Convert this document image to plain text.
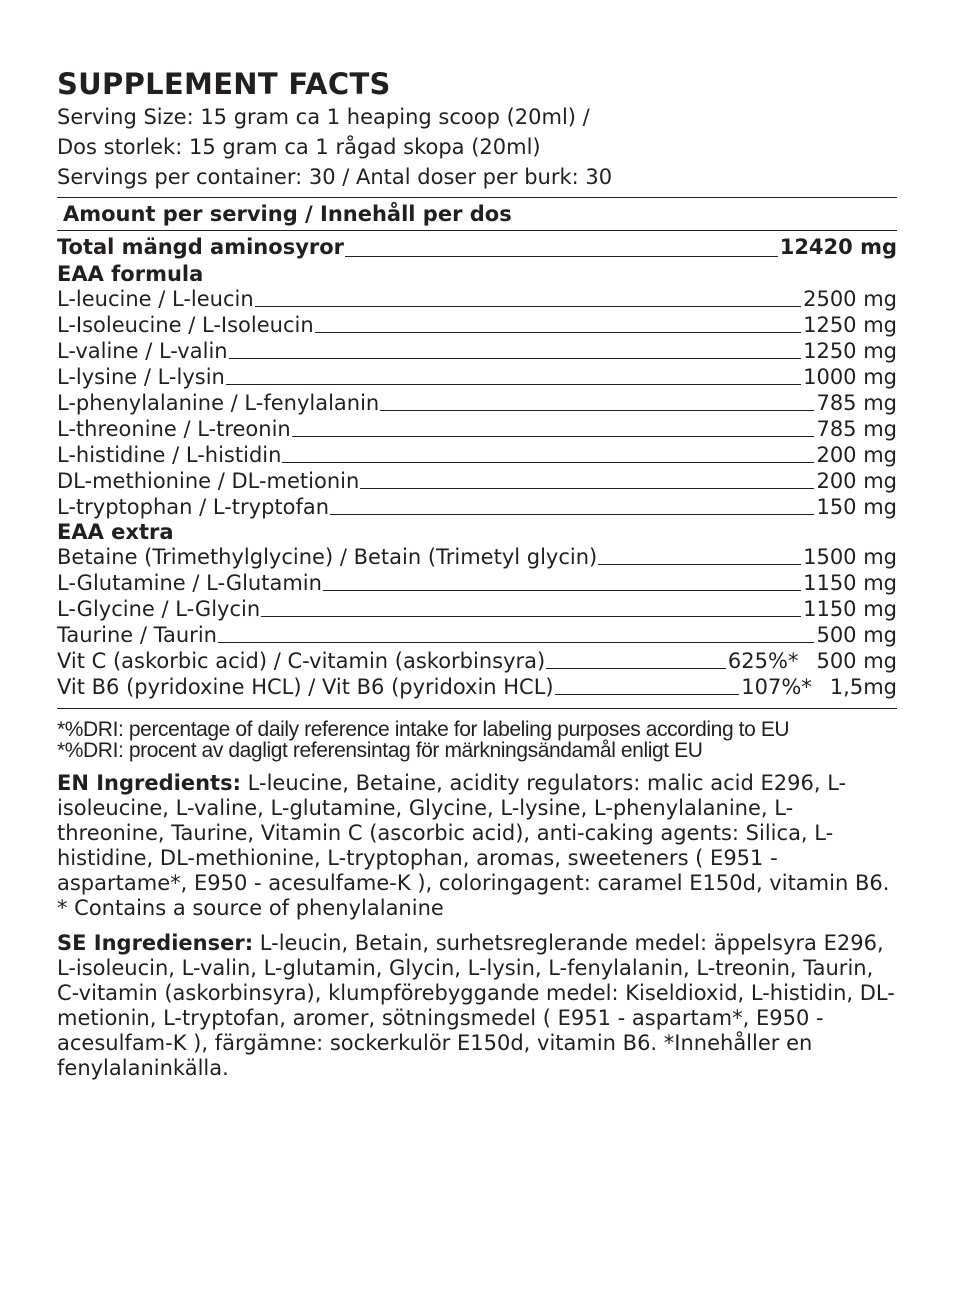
SUPPLEMENT FACTS
Serving Size: 15 gram ca 1 heaping scoop (20ml) /
Dos storlek: 15 gram ca 1 rågad skopa (20ml)
Servings per container: 30 / Antal doser per burk: 30
Amount per serving / Innehåll per dos
Total mängd aminosyror	12420 mg
EAA formula
L-leucine / L-leucin	2500 mg
L-Isoleucine / L-Isoleucin	1250 mg
L-valine / L-valin	1250 mg
L-lysine / L-lysin	1000 mg
L-phenylalanine / L-fenylalanin	785 mg
L-threonine / L-treonin	785 mg
L-histidine / L-histidin	200 mg
DL-methionine / DL-metionin	200 mg
L-tryptophan / L-tryptofan	150 mg
EAA extra
Betaine (Trimethylglycine) / Betain (Trimetyl glycin)	1500 mg
L-Glutamine / L-Glutamin	1150 mg
L-Glycine / L-Glycin	1150 mg
Taurine / Taurin	500 mg
Vit C (askorbic acid) / C-vitamin (askorbinsyra)	625%* 500 mg
Vit B6 (pyridoxine HCL) / Vit B6 (pyridoxin HCL)	107%* 1,5mg
*%DRI: percentage of daily reference intake for labeling purposes according to EU
*%DRI: procent av dagligt referensintag för märkningsändamål enligt EU
EN Ingredients: L-leucine, Betaine, acidity regulators: malic acid E296, L-isoleucine, L-valine, L-glutamine, Glycine, L-lysine, L-phenylalanine, L-threonine, Taurine, Vitamin C (ascorbic acid), anti-caking agents: Silica, L-histidine, DL-methionine, L-tryptophan, aromas, sweeteners ( E951 - aspartame*, E950 - acesulfame-K ), coloringagent: caramel E150d, vitamin B6. * Contains a source of phenylalanine
SE Ingredienser: L-leucin, Betain, surhetsreglerande medel: äppelsyra E296, L-isoleucin, L-valin, L-glutamin, Glycin, L-lysin, L-fenylalanin, L-treonin, Taurin, C-vitamin (askorbinsyra), klumpförebyggande medel: Kiseldioxid, L-histidin, DL-metionin, L-tryptofan, aromer, sötningsmedel ( E951 - aspartam*, E950 - acesulfam-K ), färgämne: sockerkulör E150d, vitamin B6. *Innehåller en fenylalaninkälla.
